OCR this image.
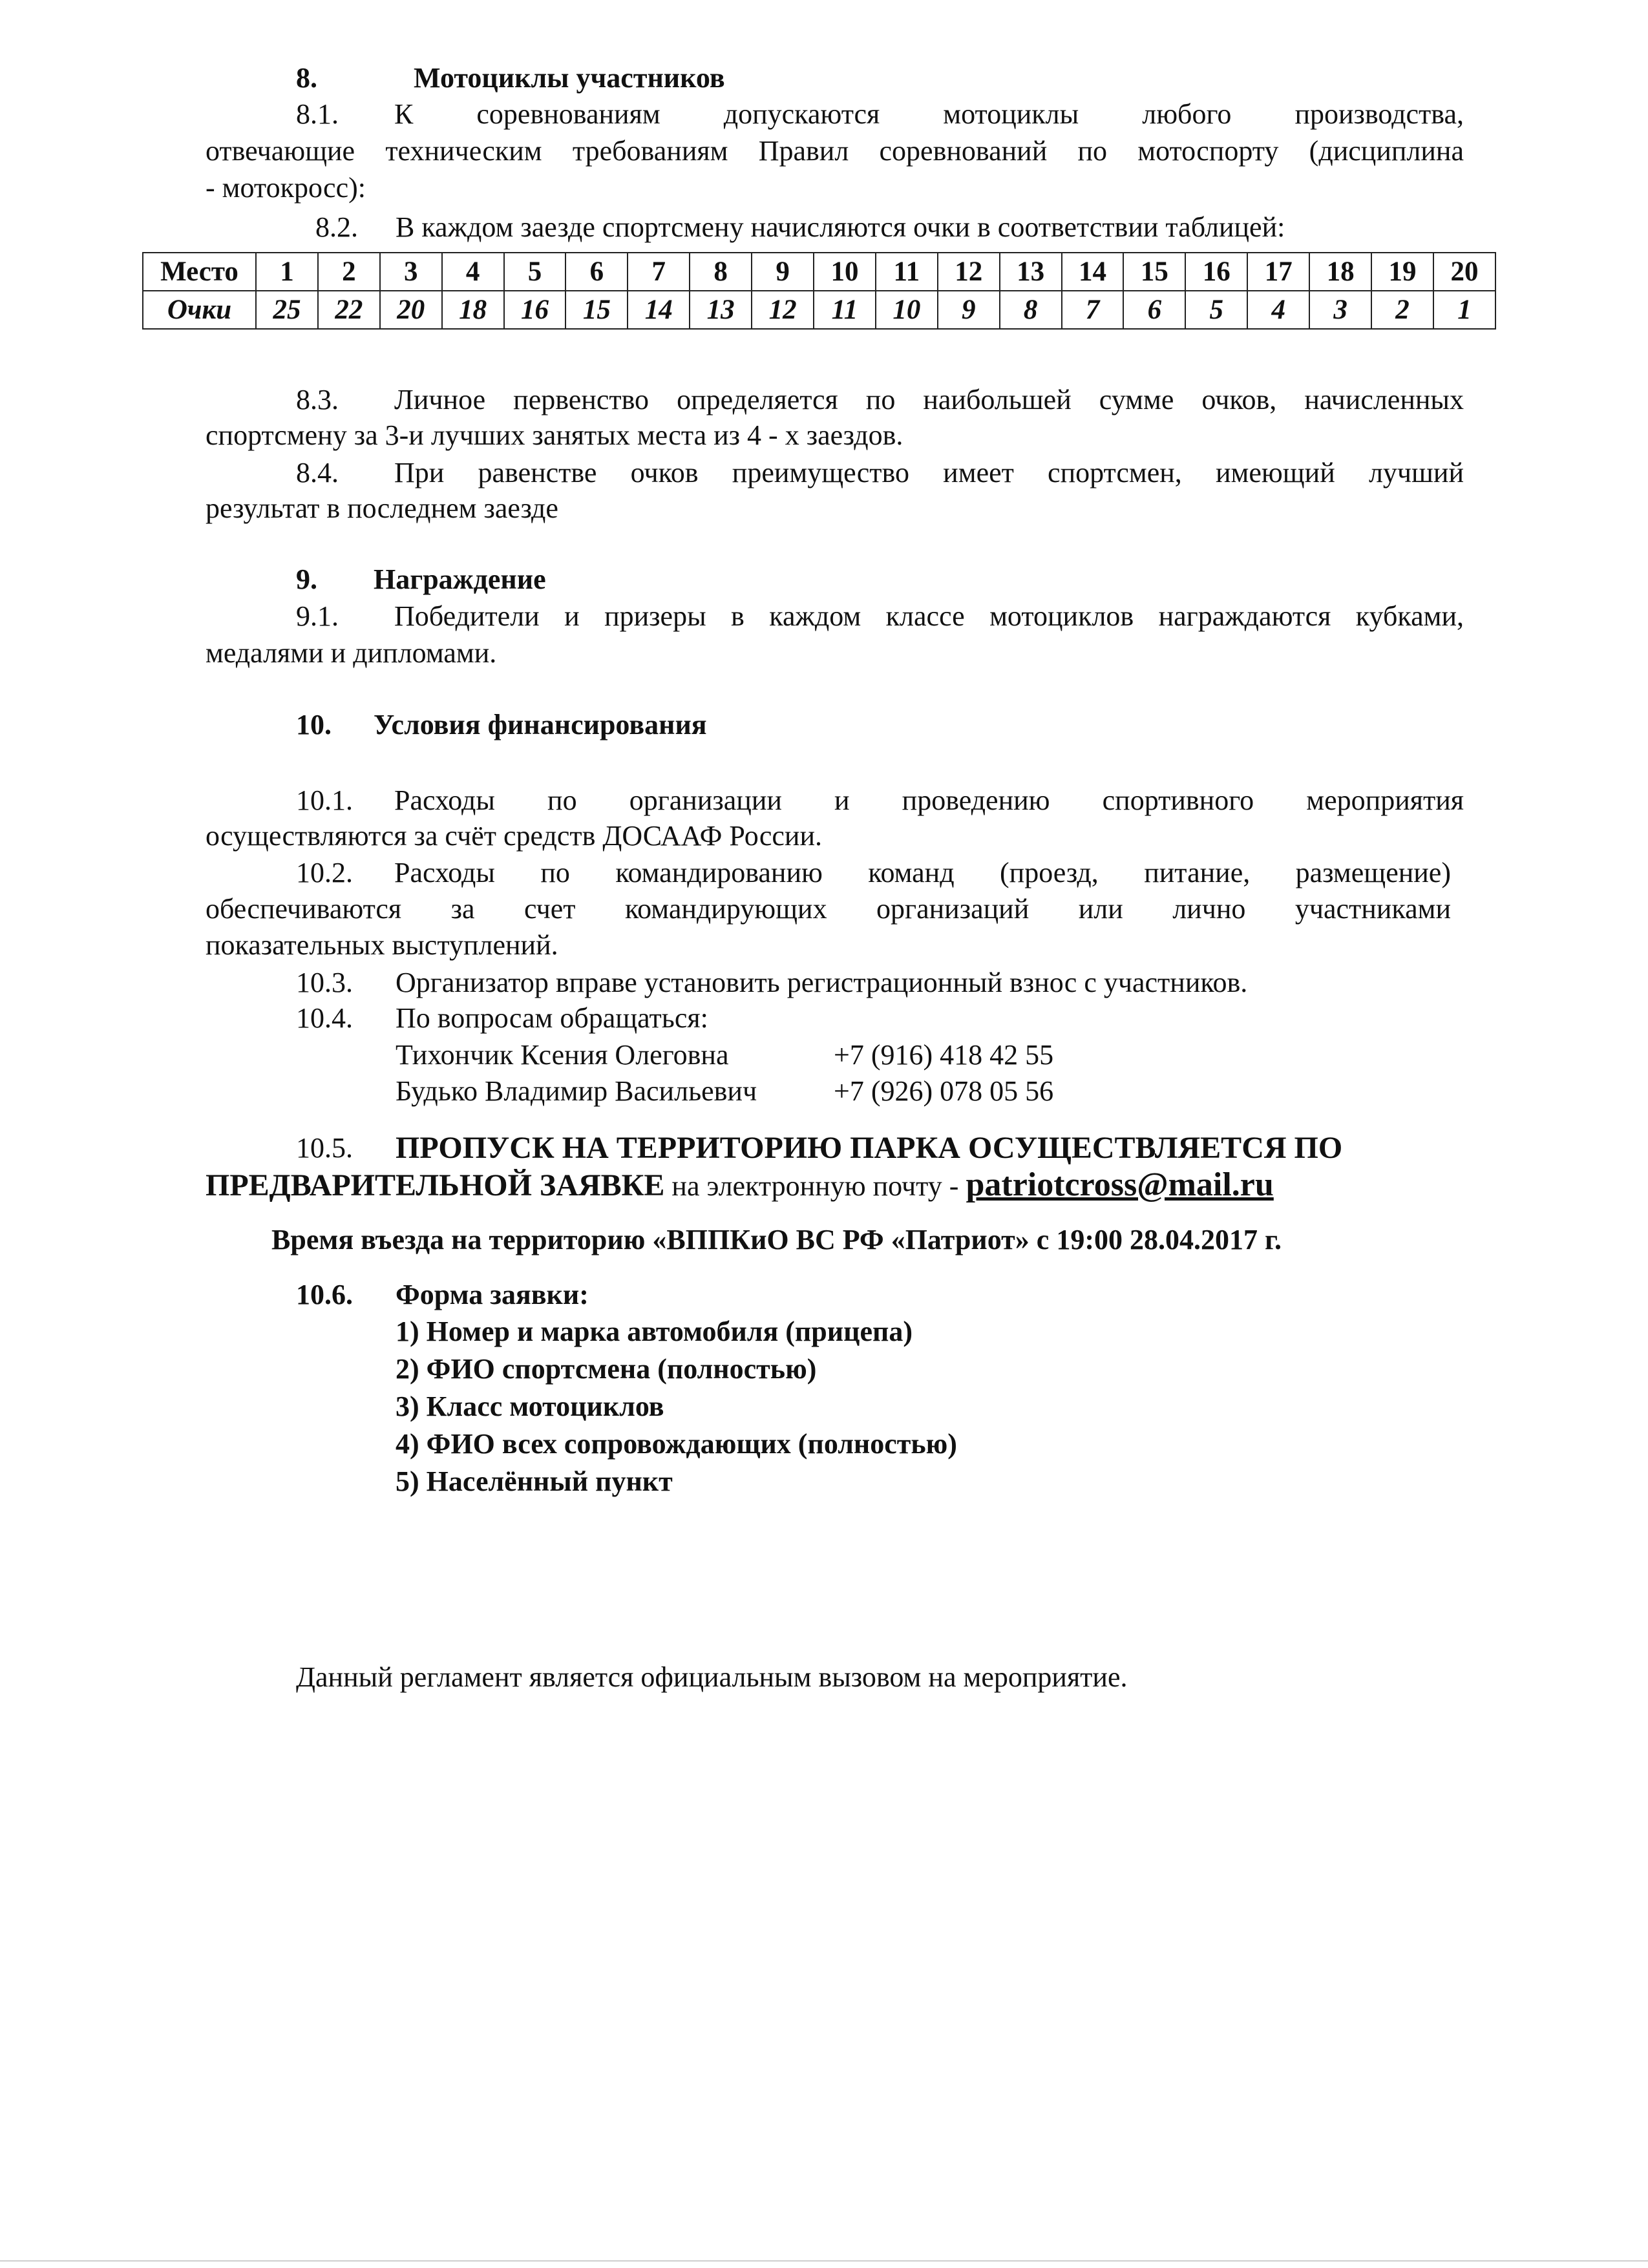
8.	Мотоциклы участников
8.1. К соревнованиям допускаются мотоциклы любого производства,
отвечающие техническим требованиям Правил соревнований по мотоспорту (дисциплина
- мотокросс):
8.2. В каждом заезде спортсмену начисляются очки в соответствии таблицей:
Место	1	2	3	4	5	6	7	8	9	10	11	12	13	14	15	16	17	18	19	20
Очки	25	22	20	18	16	15	14	13	12	11	10	9	8	7	6	5	4	3	2	1
8.3. Личное первенство определяется по наибольшей сумме очков, начисленных
спортсмену за 3-и лучших занятых места из 4 - х заездов.
8.4. При равенстве очков преимущество имеет спортсмен, имеющий лучший
результат в последнем заезде
9. Награждение
9.1. Победители и призеры в каждом классе мотоциклов награждаются кубками,
медалями и дипломами.
10. Условия финансирования
10.1. Расходы по организации и проведению спортивного мероприятия
осуществляются за счёт средств ДОСААФ России.
10.2. Расходы по командированию команд (проезд, питание, размещение)
обеспечиваются за счет командирующих организаций или лично участниками
показательных выступлений.
10.3. Организатор вправе установить регистрационный взнос с участников.
10.4. По вопросам обращаться:
Тихончик Ксения Олеговна	+7 (916) 418 42 55
Будько Владимир Васильевич	+7 (926) 078 05 56
10.5. ПРОПУСК НА ТЕРРИТОРИЮ ПАРКА ОСУЩЕСТВЛЯЕТСЯ ПО
ПРЕДВАРИТЕЛЬНОЙ ЗАЯВКЕ на электронную почту - patriotcross@mail.ru
Время въезда на территорию «ВППКиО ВС РФ «Патриот» с 19:00 28.04.2017 г.
10.6. Форма заявки:
1) Номер и марка автомобиля (прицепа)
2) ФИО спортсмена (полностью)
3) Класс мотоциклов
4) ФИО всех сопровождающих (полностью)
5) Населённый пункт
Данный регламент является официальным вызовом на мероприятие.
